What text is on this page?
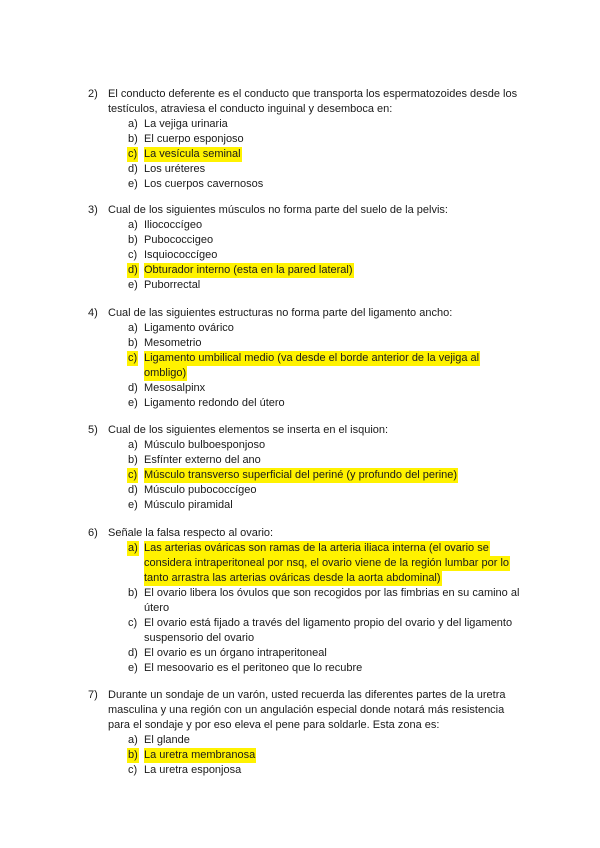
2) El conducto deferente es el conducto que transporta los espermatozoides desde los
testículos, atraviesa el conducto inguinal y desemboca en:
a) La vejiga urinaria
b) El cuerpo esponjoso
c) La vesícula seminal
d) Los uréteres
e) Los cuerpos cavernosos
3) Cual de los siguientes músculos no forma parte del suelo de la pelvis:
a) Iliococcígeo
b) Pubococcigeo
c) Isquiococcígeo
d) Obturador interno (esta en la pared lateral)
e) Puborrectal
4) Cual de las siguientes estructuras no forma parte del ligamento ancho:
a) Ligamento ovárico
b) Mesometrio
c) Ligamento umbilical medio (va desde el borde anterior de la vejiga al
ombligo)
d) Mesosalpinx
e) Ligamento redondo del útero
5) Cual de los siguientes elementos se inserta en el isquion:
a) Músculo bulboesponjoso
b) Esfínter externo del ano
c) Músculo transverso superficial del periné (y profundo del perine)
d) Músculo pubococcígeo
e) Músculo piramidal
6) Señale la falsa respecto al ovario:
a) Las arterias ováricas son ramas de la arteria iliaca interna (el ovario se
considera intraperitoneal por nsq, el ovario viene de la región lumbar por lo
tanto arrastra las arterias ováricas desde la aorta abdominal)
b) El ovario libera los óvulos que son recogidos por las fimbrias en su camino al
útero
c) El ovario está fijado a través del ligamento propio del ovario y del ligamento
suspensorio del ovario
d) El ovario es un órgano intraperitoneal
e) El mesoovario es el peritoneo que lo recubre
7) Durante un sondaje de un varón, usted recuerda las diferentes partes de la uretra
masculina y una región con un angulación especial donde notará más resistencia
para el sondaje y por eso eleva el pene para soldarle. Esta zona es:
a) El glande
b) La uretra membranosa
c) La uretra esponjosa
